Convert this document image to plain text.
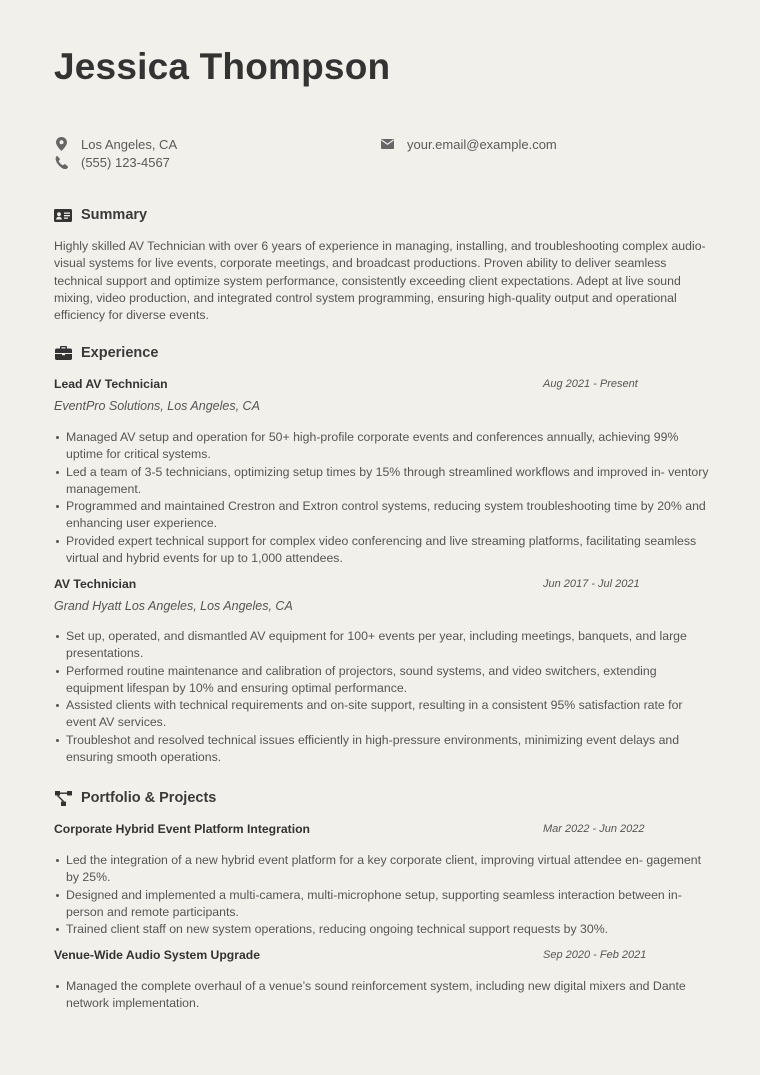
Jessica Thompson
Los Angeles, CA
(555) 123-4567
your.email@example.com
Summary

Highly skilled AV Technician with over 6 years of experience in managing, installing, and troubleshooting complex audio-visual systems for live events, corporate meetings, and broadcast productions. Proven ability to deliver seamless technical support and optimize system performance, consistently exceeding client expectations. Adept at live sound mixing, video production, and integrated control system programming, ensuring high-quality output and operational efficiency for diverse events.

Experience
Lead AV Technician	Aug 2021 - Present
EventPro Solutions, Los Angeles, CA
Managed AV setup and operation for 50+ high-profile corporate events and conferences annually, achieving 99% uptime for critical systems.
Led a team of 3-5 technicians, optimizing setup times by 15% through streamlined workflows and improved in- ventory management.
Programmed and maintained Crestron and Extron control systems, reducing system troubleshooting time by 20% and enhancing user experience.
Provided expert technical support for complex video conferencing and live streaming platforms, facilitating seamless virtual and hybrid events for up to 1,000 attendees.
AV Technician	Jun 2017 - Jul 2021
Grand Hyatt Los Angeles, Los Angeles, CA
Set up, operated, and dismantled AV equipment for 100+ events per year, including meetings, banquets, and large presentations.
Performed routine maintenance and calibration of projectors, sound systems, and video switchers, extending equipment lifespan by 10% and ensuring optimal performance.
Assisted clients with technical requirements and on-site support, resulting in a consistent 95% satisfaction rate for event AV services.
Troubleshot and resolved technical issues efficiently in high-pressure environments, minimizing event delays and ensuring smooth operations.
Portfolio & Projects
Corporate Hybrid Event Platform Integration	Mar 2022 - Jun 2022
Led the integration of a new hybrid event platform for a key corporate client, improving virtual attendee en- gagement by 25%.
Designed and implemented a multi-camera, multi-microphone setup, supporting seamless interaction between in-person and remote participants.
Trained client staff on new system operations, reducing ongoing technical support requests by 30%.
Venue-Wide Audio System Upgrade	Sep 2020 - Feb 2021
Managed the complete overhaul of a venue’s sound reinforcement system, including new digital mixers and Dante network implementation.
